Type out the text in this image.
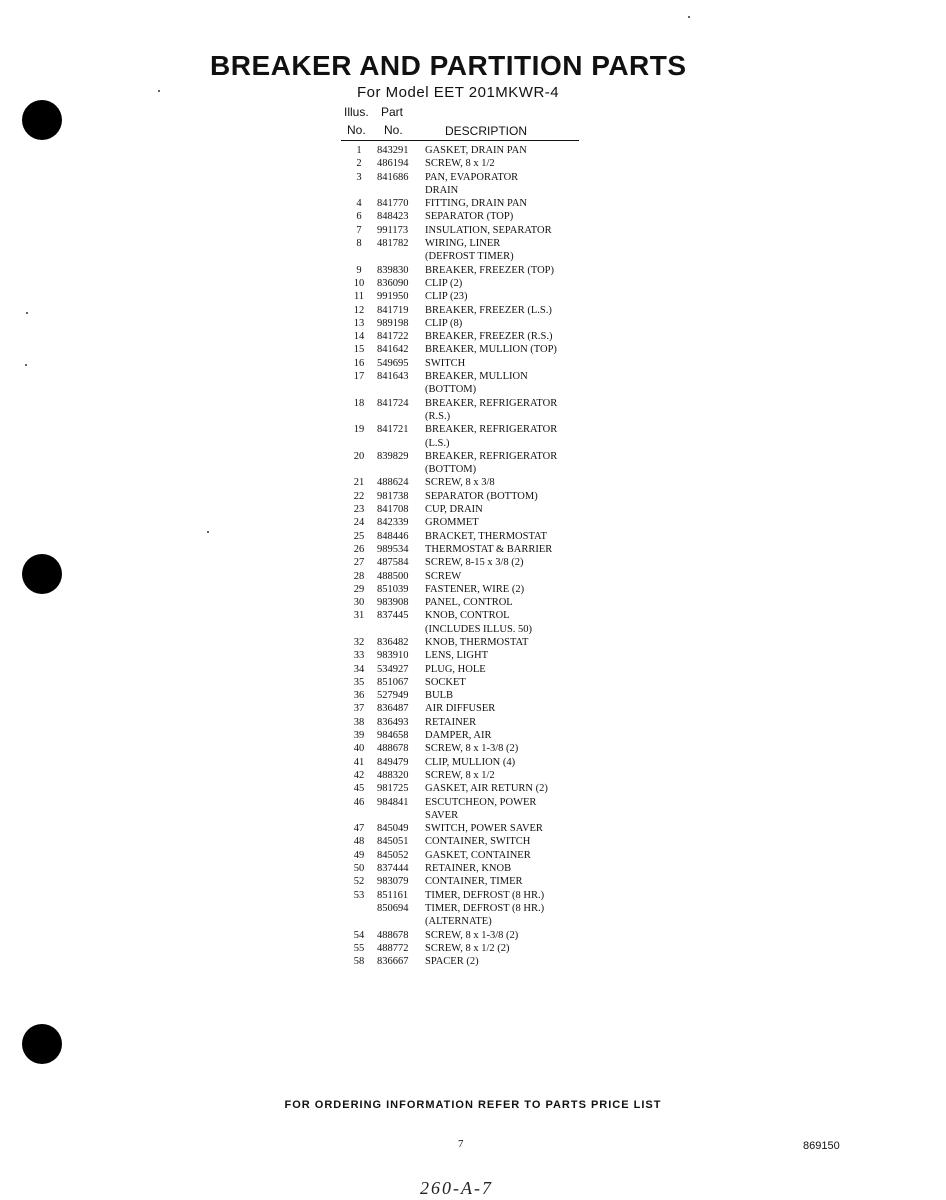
BREAKER AND PARTITION PARTS
For Model EET 201MKWR-4
Illus. Part
No. No.	DESCRIPTION
1	843291	GASKET, DRAIN PAN
2	486194	SCREW, 8 x 1/2
3	841686	PAN, EVAPORATOR
DRAIN
4	841770	FITTING, DRAIN PAN
6	848423	SEPARATOR (TOP)
7	991173	INSULATION, SEPARATOR
8	481782	WIRING, LINER
(DEFROST TIMER)
9	839830	BREAKER, FREEZER (TOP)
10	836090	CLIP (2)
11	991950	CLIP (23)
12	841719	BREAKER, FREEZER (L.S.)
13	989198	CLIP (8)
14	841722	BREAKER, FREEZER (R.S.)
15	841642	BREAKER, MULLION (TOP)
16	549695	SWITCH
17	841643	BREAKER, MULLION
(BOTTOM)
18	841724	BREAKER, REFRIGERATOR
(R.S.)
19	841721	BREAKER, REFRIGERATOR
(L.S.)
20	839829	BREAKER, REFRIGERATOR
(BOTTOM)
21	488624	SCREW, 8 x 3/8
22	981738	SEPARATOR (BOTTOM)
23	841708	CUP, DRAIN
24	842339	GROMMET
25	848446	BRACKET, THERMOSTAT
26	989534	THERMOSTAT & BARRIER
27	487584	SCREW, 8-15 x 3/8 (2)
28	488500	SCREW
29	851039	FASTENER, WIRE (2)
30	983908	PANEL, CONTROL
31	837445	KNOB, CONTROL
(INCLUDES ILLUS. 50)
32	836482	KNOB, THERMOSTAT
33	983910	LENS, LIGHT
34	534927	PLUG, HOLE
35	851067	SOCKET
36	527949	BULB
37	836487	AIR DIFFUSER
38	836493	RETAINER
39	984658	DAMPER, AIR
40	488678	SCREW, 8 x 1-3/8 (2)
41	849479	CLIP, MULLION (4)
42	488320	SCREW, 8 x 1/2
45	981725	GASKET, AIR RETURN (2)
46	984841	ESCUTCHEON, POWER
SAVER
47	845049	SWITCH, POWER SAVER
48	845051	CONTAINER, SWITCH
49	845052	GASKET, CONTAINER
50	837444	RETAINER, KNOB
52	983079	CONTAINER, TIMER
53	851161	TIMER, DEFROST (8 HR.)
850694	TIMER, DEFROST (8 HR.)
(ALTERNATE)
54	488678	SCREW, 8 x 1-3/8 (2)
55	488772	SCREW, 8 x 1/2 (2)
58	836667	SPACER (2)
FOR ORDERING INFORMATION REFER TO PARTS PRICE LIST
7	869150
260-A-7
